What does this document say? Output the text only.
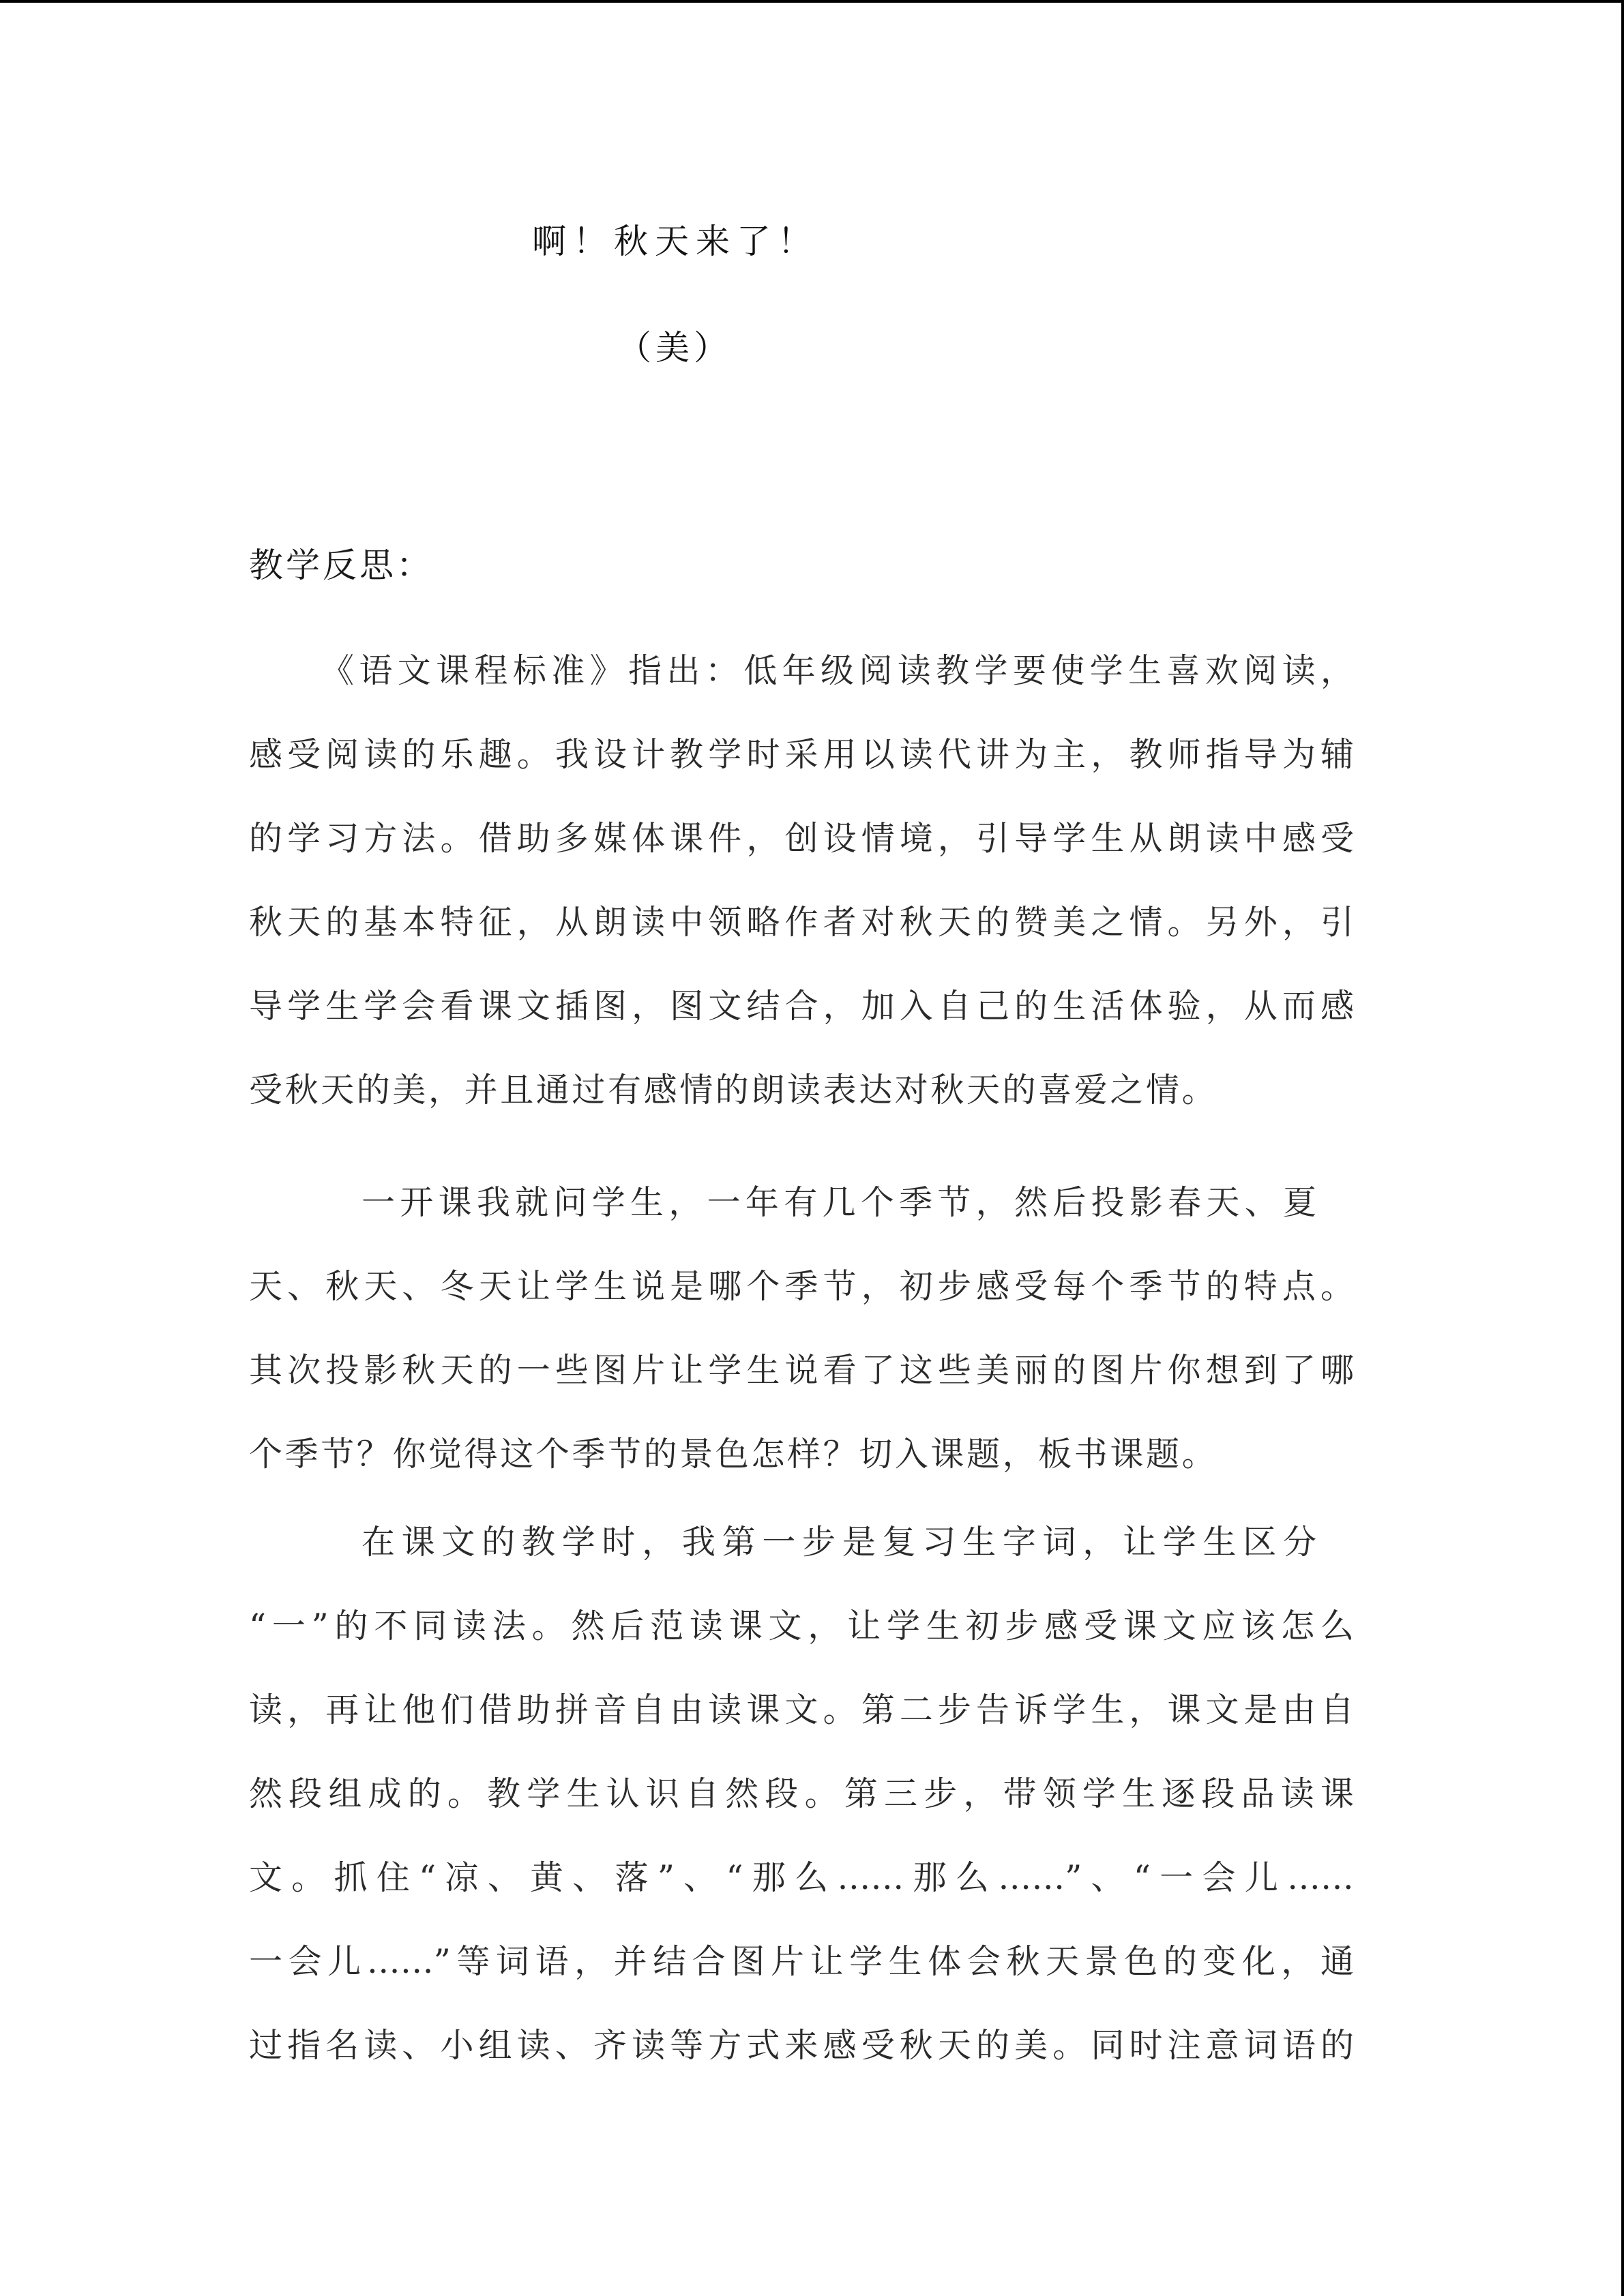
啊！秋天来了！
（美）
教学反思：
《语文课程标准》指出：低年级阅读教学要使学生喜欢阅读，
感受阅读的乐趣。我设计教学时采用以读代讲为主，教师指导为辅
的学习方法。借助多媒体课件，创设情境，引导学生从朗读中感受
秋天的基本特征，从朗读中领略作者对秋天的赞美之情。另外，引
导学生学会看课文插图，图文结合，加入自己的生活体验，从而感
受秋天的美，并且通过有感情的朗读表达对秋天的喜爱之情。
一开课我就问学生，一年有几个季节，然后投影春天、夏
天、秋天、冬天让学生说是哪个季节，初步感受每个季节的特点。
其次投影秋天的一些图片让学生说看了这些美丽的图片你想到了哪
个季节？你觉得这个季节的景色怎样？切入课题，板书课题。
在课文的教学时，我第一步是复习生字词，让学生区分
“一”的不同读法。然后范读课文，让学生初步感受课文应该怎么
读，再让他们借助拼音自由读课文。第二步告诉学生，课文是由自
然段组成的。教学生认识自然段。第三步，带领学生逐段品读课
文。抓住“凉、黄、落”、“那么……那么……”、“一会儿……
一会儿……”等词语，并结合图片让学生体会秋天景色的变化，通
过指名读、小组读、齐读等方式来感受秋天的美。同时注意词语的
